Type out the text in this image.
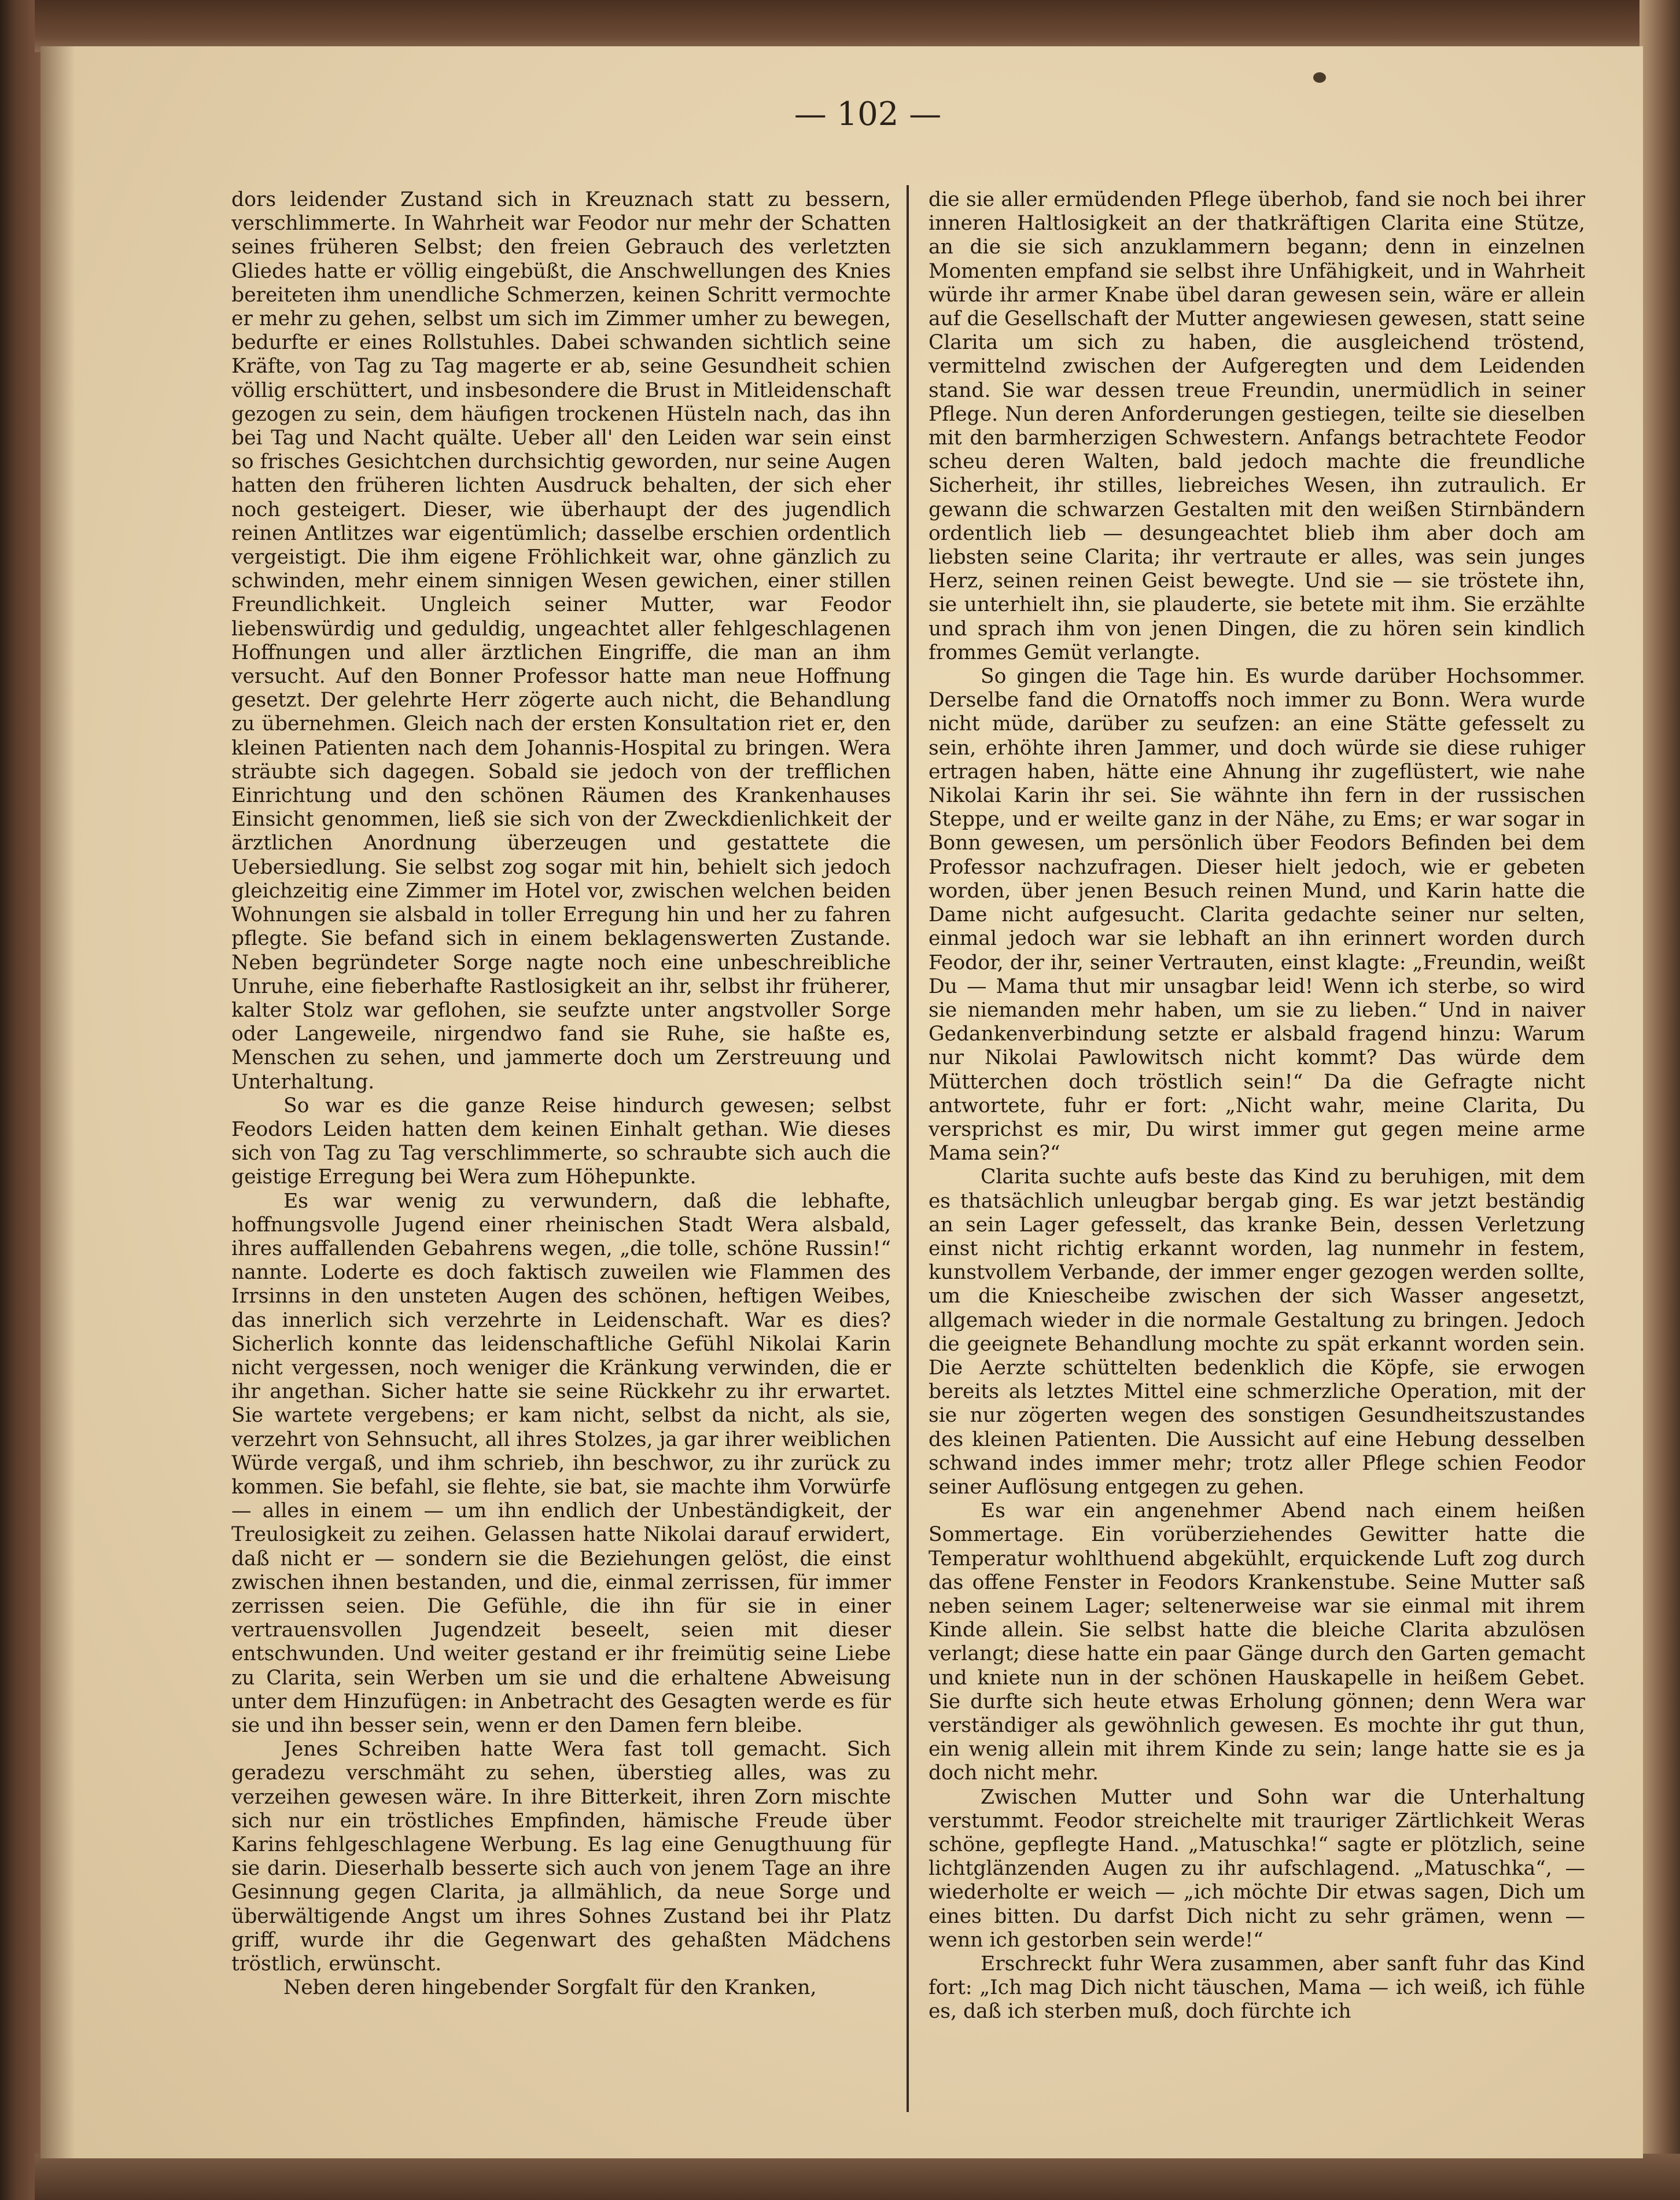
— 102 —

dors leidender Zustand sich in Kreuznach statt zu bessern, verschlimmerte. In Wahrheit war Feodor nur mehr der Schatten seines früheren Selbst; den freien Gebrauch des verletzten Gliedes hatte er völlig eingebüßt, die Anschwellungen des Knies bereiteten ihm unendliche Schmerzen, keinen Schritt vermochte er mehr zu gehen, selbst um sich im Zimmer umher zu bewegen, bedurfte er eines Rollstuhles. Dabei schwanden sichtlich seine Kräfte, von Tag zu Tag magerte er ab, seine Gesundheit schien völlig erschüttert, und insbesondere die Brust in Mitleidenschaft gezogen zu sein, dem häufigen trockenen Hüsteln nach, das ihn bei Tag und Nacht quälte. Ueber all' den Leiden war sein einst so frisches Gesichtchen durchsichtig geworden, nur seine Augen hatten den früheren lichten Ausdruck behalten, der sich eher noch gesteigert. Dieser, wie überhaupt der des jugendlich reinen Antlitzes war eigentümlich; dasselbe erschien ordentlich vergeistigt. Die ihm eigene Fröhlichkeit war, ohne gänzlich zu schwinden, mehr einem sinnigen Wesen gewichen, einer stillen Freundlichkeit. Ungleich seiner Mutter, war Feodor liebenswürdig und geduldig, ungeachtet aller fehlgeschlagenen Hoffnungen und aller ärztlichen Eingriffe, die man an ihm versucht. Auf den Bonner Professor hatte man neue Hoffnung gesetzt. Der gelehrte Herr zögerte auch nicht, die Behandlung zu übernehmen. Gleich nach der ersten Konsultation riet er, den kleinen Patienten nach dem Johannis-Hospital zu bringen. Wera sträubte sich dagegen. Sobald sie jedoch von der trefflichen Einrichtung und den schönen Räumen des Krankenhauses Einsicht genommen, ließ sie sich von der Zweckdienlichkeit der ärztlichen Anordnung überzeugen und gestattete die Uebersiedlung. Sie selbst zog sogar mit hin, behielt sich jedoch gleichzeitig eine Zimmer im Hotel vor, zwischen welchen beiden Wohnungen sie alsbald in toller Erregung hin und her zu fahren pflegte. Sie befand sich in einem beklagenswerten Zustande. Neben begründeter Sorge nagte noch eine unbeschreibliche Unruhe, eine fieberhafte Rastlosigkeit an ihr, selbst ihr früherer, kalter Stolz war geflohen, sie seufzte unter angstvoller Sorge oder Langeweile, nirgendwo fand sie Ruhe, sie haßte es, Menschen zu sehen, und jammerte doch um Zerstreuung und Unterhaltung.

So war es die ganze Reise hindurch gewesen; selbst Feodors Leiden hatten dem keinen Einhalt gethan. Wie dieses sich von Tag zu Tag verschlimmerte, so schraubte sich auch die geistige Erregung bei Wera zum Höhepunkte.

Es war wenig zu verwundern, daß die lebhafte, hoffnungsvolle Jugend einer rheinischen Stadt Wera alsbald, ihres auffallenden Gebahrens wegen, „die tolle, schöne Russin!“ nannte. Loderte es doch faktisch zuweilen wie Flammen des Irrsinns in den unsteten Augen des schönen, heftigen Weibes, das innerlich sich verzehrte in Leidenschaft. War es dies? Sicherlich konnte das leidenschaftliche Gefühl Nikolai Karin nicht vergessen, noch weniger die Kränkung verwinden, die er ihr angethan. Sicher hatte sie seine Rückkehr zu ihr erwartet. Sie wartete vergebens; er kam nicht, selbst da nicht, als sie, verzehrt von Sehnsucht, all ihres Stolzes, ja gar ihrer weiblichen Würde vergaß, und ihm schrieb, ihn beschwor, zu ihr zurück zu kommen. Sie befahl, sie flehte, sie bat, sie machte ihm Vorwürfe — alles in einem — um ihn endlich der Unbeständigkeit, der Treulosigkeit zu zeihen. Gelassen hatte Nikolai darauf erwidert, daß nicht er — sondern sie die Beziehungen gelöst, die einst zwischen ihnen bestanden, und die, einmal zerrissen, für immer zerrissen seien. Die Gefühle, die ihn für sie in einer vertrauensvollen Jugendzeit beseelt, seien mit dieser entschwunden. Und weiter gestand er ihr freimütig seine Liebe zu Clarita, sein Werben um sie und die erhaltene Abweisung unter dem Hinzufügen: in Anbetracht des Gesagten werde es für sie und ihn besser sein, wenn er den Damen fern bleibe.

Jenes Schreiben hatte Wera fast toll gemacht. Sich geradezu verschmäht zu sehen, überstieg alles, was zu verzeihen gewesen wäre. In ihre Bitterkeit, ihren Zorn mischte sich nur ein tröstliches Empfinden, hämische Freude über Karins fehlgeschlagene Werbung. Es lag eine Genugthuung für sie darin. Dieserhalb besserte sich auch von jenem Tage an ihre Gesinnung gegen Clarita, ja allmählich, da neue Sorge und überwältigende Angst um ihres Sohnes Zustand bei ihr Platz griff, wurde ihr die Gegenwart des gehaßten Mädchens tröstlich, erwünscht.

Neben deren hingebender Sorgfalt für den Kranken,

die sie aller ermüdenden Pflege überhob, fand sie noch bei ihrer inneren Haltlosigkeit an der thatkräftigen Clarita eine Stütze, an die sie sich anzuklammern begann; denn in einzelnen Momenten empfand sie selbst ihre Unfähigkeit, und in Wahrheit würde ihr armer Knabe übel daran gewesen sein, wäre er allein auf die Gesellschaft der Mutter angewiesen gewesen, statt seine Clarita um sich zu haben, die ausgleichend tröstend, vermittelnd zwischen der Aufgeregten und dem Leidenden stand. Sie war dessen treue Freundin, unermüdlich in seiner Pflege. Nun deren Anforderungen gestiegen, teilte sie dieselben mit den barmherzigen Schwestern. Anfangs betrachtete Feodor scheu deren Walten, bald jedoch machte die freundliche Sicherheit, ihr stilles, liebreiches Wesen, ihn zutraulich. Er gewann die schwarzen Gestalten mit den weißen Stirnbändern ordentlich lieb — desungeachtet blieb ihm aber doch am liebsten seine Clarita; ihr vertraute er alles, was sein junges Herz, seinen reinen Geist bewegte. Und sie — sie tröstete ihn, sie unterhielt ihn, sie plauderte, sie betete mit ihm. Sie erzählte und sprach ihm von jenen Dingen, die zu hören sein kindlich frommes Gemüt verlangte.

So gingen die Tage hin. Es wurde darüber Hochsommer. Derselbe fand die Ornatoffs noch immer zu Bonn. Wera wurde nicht müde, darüber zu seufzen: an eine Stätte gefesselt zu sein, erhöhte ihren Jammer, und doch würde sie diese ruhiger ertragen haben, hätte eine Ahnung ihr zugeflüstert, wie nahe Nikolai Karin ihr sei. Sie wähnte ihn fern in der russischen Steppe, und er weilte ganz in der Nähe, zu Ems; er war sogar in Bonn gewesen, um persönlich über Feodors Befinden bei dem Professor nachzufragen. Dieser hielt jedoch, wie er gebeten worden, über jenen Besuch reinen Mund, und Karin hatte die Dame nicht aufgesucht. Clarita gedachte seiner nur selten, einmal jedoch war sie lebhaft an ihn erinnert worden durch Feodor, der ihr, seiner Vertrauten, einst klagte: „Freundin, weißt Du — Mama thut mir unsagbar leid! Wenn ich sterbe, so wird sie niemanden mehr haben, um sie zu lieben.“ Und in naiver Gedankenverbindung setzte er alsbald fragend hinzu: Warum nur Nikolai Pawlowitsch nicht kommt? Das würde dem Mütterchen doch tröstlich sein!“ Da die Gefragte nicht antwortete, fuhr er fort: „Nicht wahr, meine Clarita, Du versprichst es mir, Du wirst immer gut gegen meine arme Mama sein?“

Clarita suchte aufs beste das Kind zu beruhigen, mit dem es thatsächlich unleugbar bergab ging. Es war jetzt beständig an sein Lager gefesselt, das kranke Bein, dessen Verletzung einst nicht richtig erkannt worden, lag nunmehr in festem, kunstvollem Verbande, der immer enger gezogen werden sollte, um die Kniescheibe zwischen der sich Wasser angesetzt, allgemach wieder in die normale Gestaltung zu bringen. Jedoch die geeignete Behandlung mochte zu spät erkannt worden sein. Die Aerzte schüttelten bedenklich die Köpfe, sie erwogen bereits als letztes Mittel eine schmerzliche Operation, mit der sie nur zögerten wegen des sonstigen Gesundheitszustandes des kleinen Patienten. Die Aussicht auf eine Hebung desselben schwand indes immer mehr; trotz aller Pflege schien Feodor seiner Auflösung entgegen zu gehen.

Es war ein angenehmer Abend nach einem heißen Sommertage. Ein vorüberziehendes Gewitter hatte die Temperatur wohlthuend abgekühlt, erquickende Luft zog durch das offene Fenster in Feodors Krankenstube. Seine Mutter saß neben seinem Lager; seltenerweise war sie einmal mit ihrem Kinde allein. Sie selbst hatte die bleiche Clarita abzulösen verlangt; diese hatte ein paar Gänge durch den Garten gemacht und kniete nun in der schönen Hauskapelle in heißem Gebet. Sie durfte sich heute etwas Erholung gönnen; denn Wera war verständiger als gewöhnlich gewesen. Es mochte ihr gut thun, ein wenig allein mit ihrem Kinde zu sein; lange hatte sie es ja doch nicht mehr.

Zwischen Mutter und Sohn war die Unterhaltung verstummt. Feodor streichelte mit trauriger Zärtlichkeit Weras schöne, gepflegte Hand. „Matuschka!“ sagte er plötzlich, seine lichtglänzenden Augen zu ihr aufschlagend. „Matuschka“, — wiederholte er weich — „ich möchte Dir etwas sagen, Dich um eines bitten. Du darfst Dich nicht zu sehr grämen, wenn — wenn ich gestorben sein werde!“

Erschreckt fuhr Wera zusammen, aber sanft fuhr das Kind fort: „Ich mag Dich nicht täuschen, Mama — ich weiß, ich fühle es, daß ich sterben muß, doch fürchte ich
